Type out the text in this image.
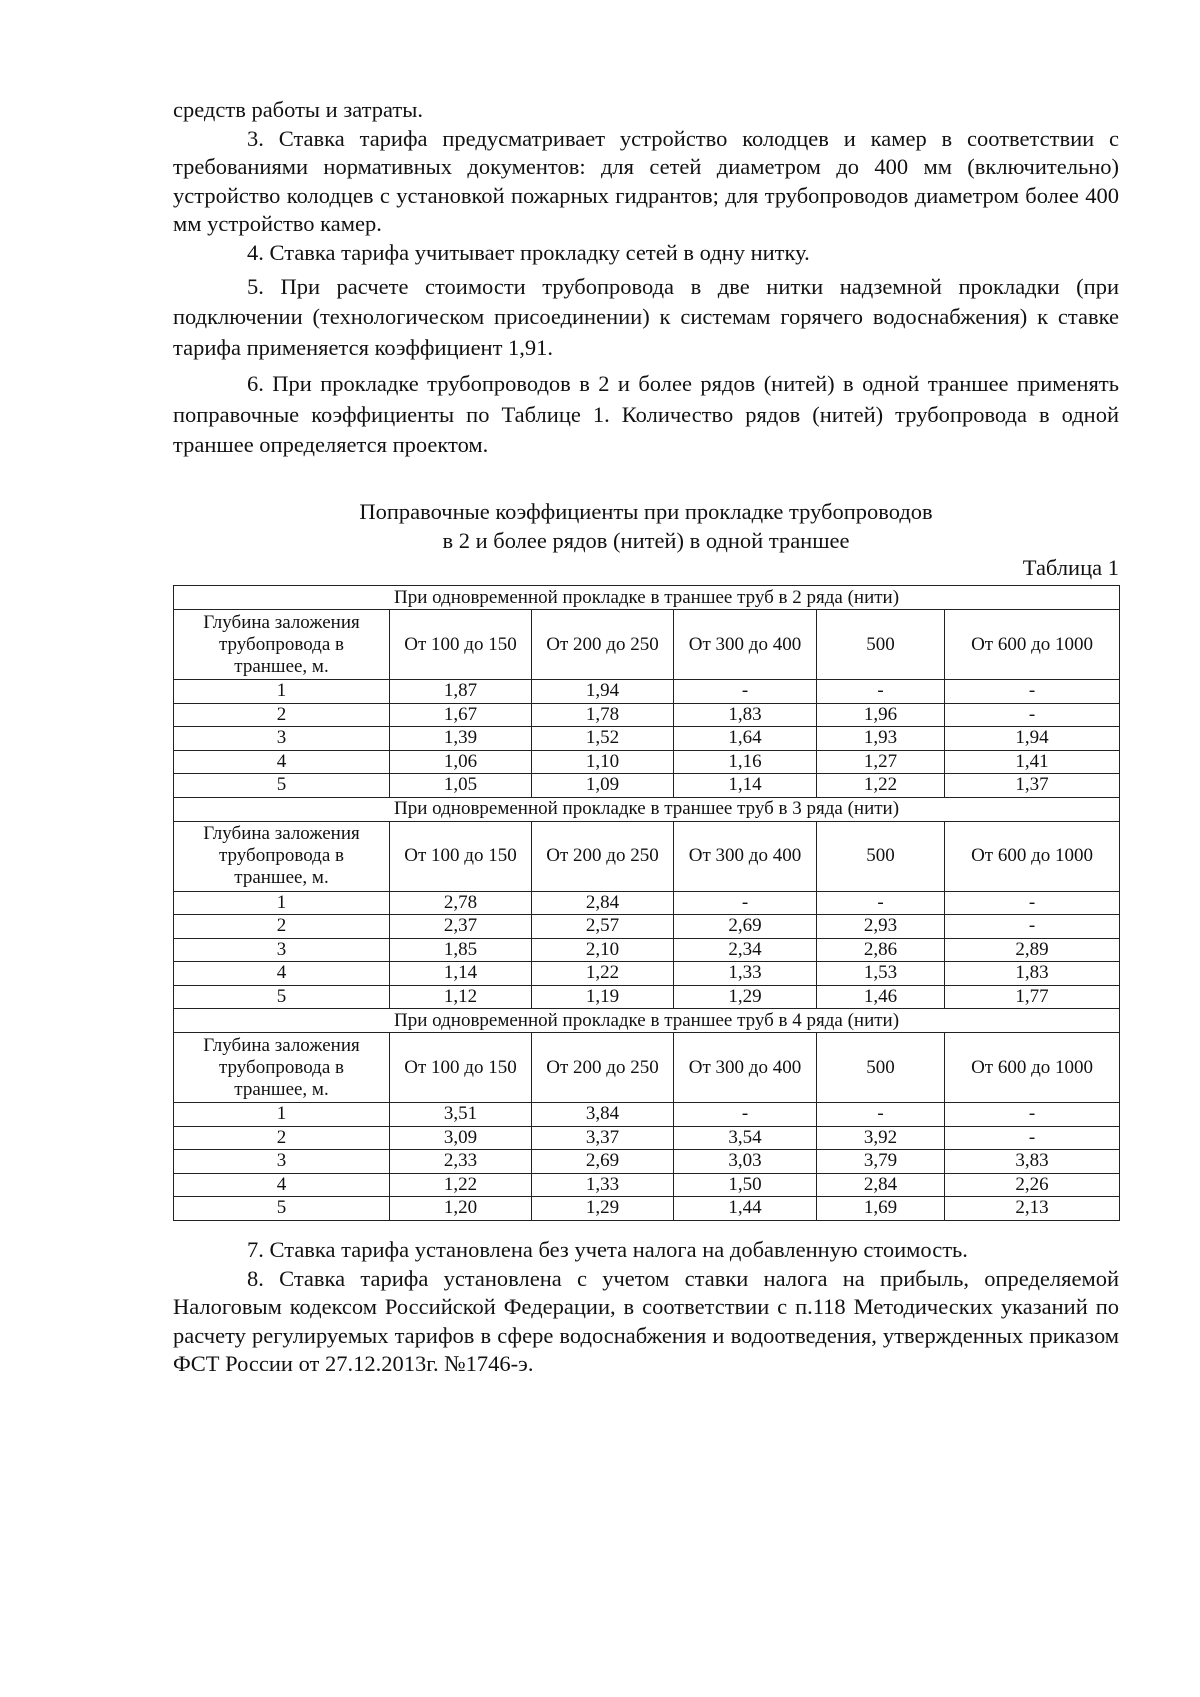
средств работы и затраты.

3. Ставка тарифа предусматривает устройство колодцев и камер в соответствии с требованиями нормативных документов: для сетей диаметром до 400 мм (включительно) устройство колодцев с установкой пожарных гидрантов; для трубопроводов диаметром более 400 мм устройство камер.

4. Ставка тарифа учитывает прокладку сетей в одну нитку.

5. При расчете стоимости трубопровода в две нитки надземной прокладки (при подключении (технологическом присоединении) к системам горячего водоснабжения) к ставке тарифа применяется коэффициент 1,91.

6. При прокладке трубопроводов в 2 и более рядов (нитей) в одной траншее применять поправочные коэффициенты по Таблице 1. Количество рядов (нитей) трубопровода в одной траншее определяется проектом.

Поправочные коэффициенты при прокладке трубопроводов
в 2 и более рядов (нитей) в одной траншее
Таблица 1
При одновременной прокладке в траншее труб в 2 ряда (нити)					

Глубина заложения
трубопровода в
траншее, м.	От 100 до 150	От 200 до 250	От 300 до 400	500	От 600 до 1000
1	1,87	1,94	-	-	-
2	1,67	1,78	1,83	1,96	-
3	1,39	1,52	1,64	1,93	1,94
4	1,06	1,10	1,16	1,27	1,41
5	1,05	1,09	1,14	1,22	1,37
При одновременной прокладке в траншее труб в 3 ряда (нити)					

Глубина заложения
трубопровода в
траншее, м.	От 100 до 150	От 200 до 250	От 300 до 400	500	От 600 до 1000
1	2,78	2,84	-	-	-
2	2,37	2,57	2,69	2,93	-
3	1,85	2,10	2,34	2,86	2,89
4	1,14	1,22	1,33	1,53	1,83
5	1,12	1,19	1,29	1,46	1,77
При одновременной прокладке в траншее труб в 4 ряда (нити)					

Глубина заложения
трубопровода в
траншее, м.	От 100 до 150	От 200 до 250	От 300 до 400	500	От 600 до 1000
1	3,51	3,84	-	-	-
2	3,09	3,37	3,54	3,92	-
3	2,33	2,69	3,03	3,79	3,83
4	1,22	1,33	1,50	2,84	2,26
5	1,20	1,29	1,44	1,69	2,13

7. Ставка тарифа установлена без учета налога на добавленную стоимость.

8. Ставка тарифа установлена с учетом ставки налога на прибыль, определяемой Налоговым кодексом Российской Федерации, в соответствии с п.118 Методических указаний по расчету регулируемых тарифов в сфере водоснабжения и водоотведения, утвержденных приказом ФСТ России от 27.12.2013г. №1746-э.
